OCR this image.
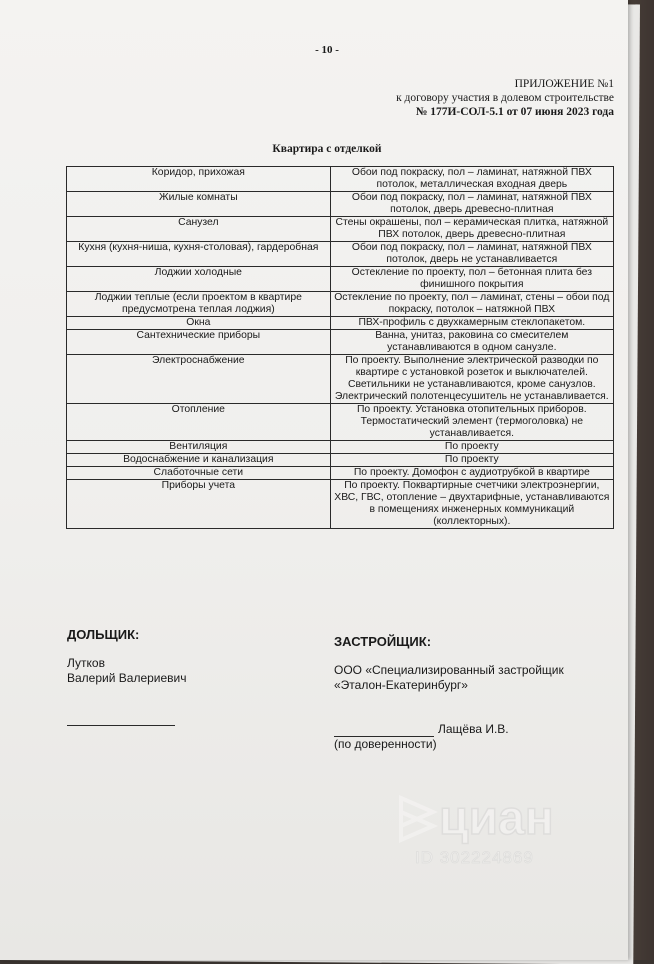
- 10 -
ПРИЛОЖЕНИЕ №1
к договору участия в долевом строительстве
№ 177И-СОЛ-5.1 от 07 июня 2023 года
Квартира с отделкой
Коридор, прихожая	Обои под покраску, пол – ламинат, натяжной ПВХ потолок, металлическая входная дверь
Жилые комнаты	Обои под покраску, пол – ламинат, натяжной ПВХ потолок, дверь древесно-плитная
Санузел	Стены окрашены, пол – керамическая плитка, натяжной ПВХ потолок, дверь древесно-плитная
Кухня (кухня-ниша, кухня-столовая), гардеробная	Обои под покраску, пол – ламинат, натяжной ПВХ потолок, дверь не устанавливается
Лоджии холодные	Остекление по проекту, пол – бетонная плита без финишного покрытия
Лоджии теплые (если проектом в квартире предусмотрена теплая лоджия)	Остекление по проекту, пол – ламинат, стены – обои под покраску, потолок – натяжной ПВХ
Окна	ПВХ-профиль с двухкамерным стеклопакетом.
Сантехнические приборы	Ванна, унитаз, раковина со смесителем устанавливаются в одном санузле.
Электроснабжение	По проекту. Выполнение электрической разводки по квартире с установкой розеток и выключателей. Светильники не устанавливаются, кроме санузлов. Электрический полотенцесушитель не устанавливается.
Отопление	По проекту. Установка отопительных приборов. Термостатический элемент (термоголовка) не устанавливается.
Вентиляция	По проекту
Водоснабжение и канализация	По проекту
Слаботочные сети	По проекту. Домофон с аудиотрубкой в квартире
Приборы учета	По проекту. Поквартирные счетчики электроэнергии, ХВС, ГВС, отопление – двухтарифные, устанавливаются в помещениях инженерных коммуникаций (коллекторных).
ДОЛЬЩИК:
Лутков
Валерий Валериевич
ЗАСТРОЙЩИК:
ООО «Специализированный застройщик
«Эталон-Екатеринбург»
Лащёва И.В.
(по доверенности)
циан
ID 302224869
